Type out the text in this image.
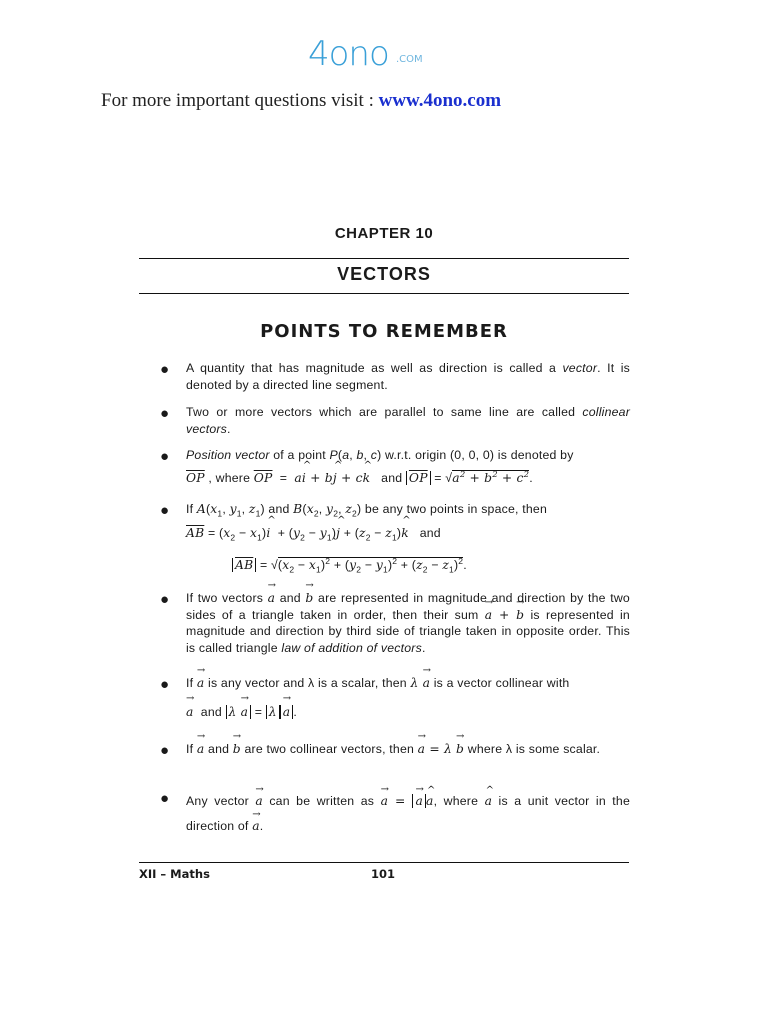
4ono .COM
For more important questions visit : www.4ono.com
CHAPTER 10
VECTORS
POINTS TO REMEMBER
● A quantity that has magnitude as well as direction is called a vector. It is denoted by a directed line segment.
● Two or more vectors which are parallel to same line are called collinear vectors.
● Position vector of a point P(a, b, c) w.r.t. origin (0, 0, 0) is denoted by
$\overline{OP}$ , where $\overline{OP}$  =  a^ i + b^ j + c^ k   and $\overline{OP} = √a^2 + b^2 + c^2$.
● If $A(x_1$, $y_1$, $z_1$) and $B(x_2$, $y_2$, $z_2$) be any two points in space, then
$\overline{AB} = (x_2$ − $x_1)\^{}$ $i + (y_2$ − $y_1)\^{}$ $j + (z_2$ − $z_1)\^{}$ k   and
$\overline{AB} = √(x_2 - x_1)^2 + (y_2 - y_1)^2 + (z_2 - z_1)^2$.
● If two vectors → a and → b are represented in magnitude and direction by the two sides of a triangle taken in order, then their sum → a + → b is represented in magnitude and direction by third side of triangle taken in opposite order. This is called triangle law of addition of vectors.
● If → a is any vector and λ is a scalar, then λ → a is a vector collinear with
→ a  and λ → a = λ → a .
● If → a and → b are two collinear vectors, then → a = λ → b where λ is some scalar.
● Any vector → a can be written as → a = → a ^ a, where ^ a is a unit vector in the direction of → a.
XII – Maths	101
